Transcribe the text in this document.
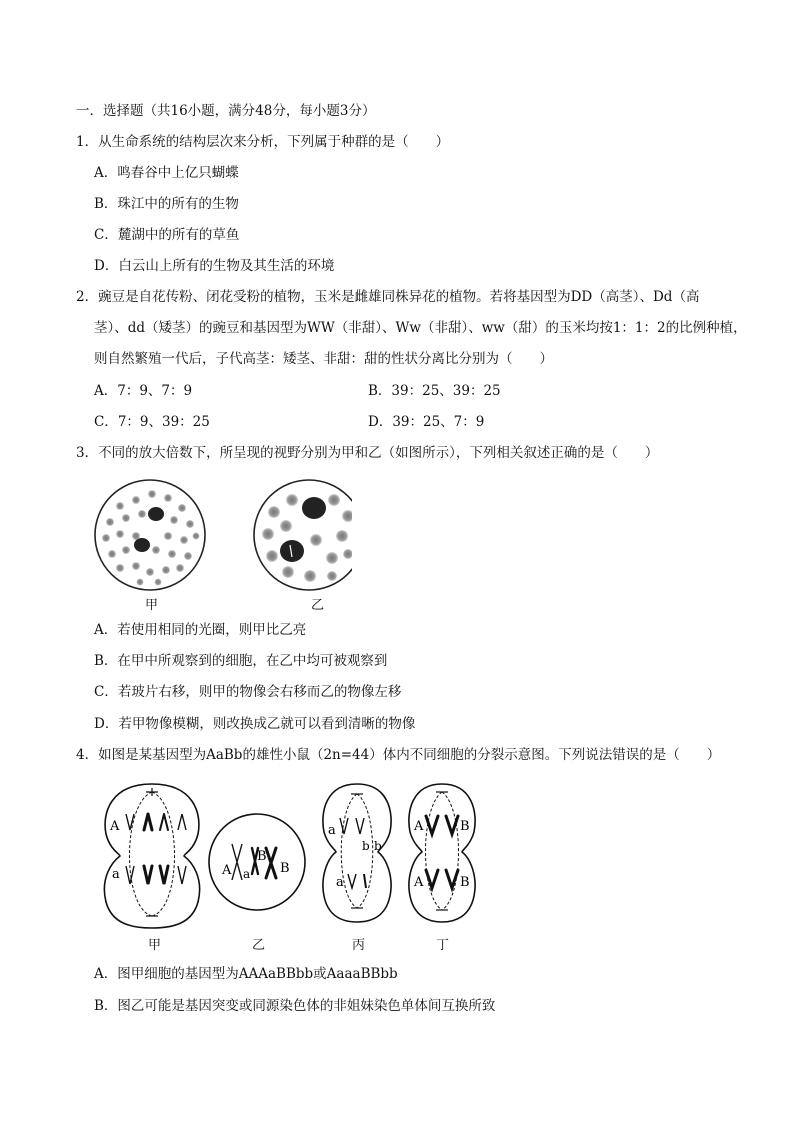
一．选择题（共16小题，满分48分，每小题3分）
1．从生命系统的结构层次来分析，下列属于种群的是（　　）
A．鸣春谷中上亿只蝴蝶
B．珠江中的所有的生物
C．麓湖中的所有的草鱼
D．白云山上所有的生物及其生活的环境
2．豌豆是自花传粉、闭花受粉的植物，玉米是雌雄同株异花的植物。若将基因型为DD（高茎）、Dd（高
茎）、dd（矮茎）的豌豆和基因型为WW（非甜）、Ww（非甜）、ww（甜）的玉米均按1：1：2的比例种植，
则自然繁殖一代后，子代高茎：矮茎、非甜：甜的性状分离比分别为（　　）
A．7：9、7：9	B．39：25、39：25
C．7：9、39：25	D．39：25、7：9
3．不同的放大倍数下，所呈现的视野分别为甲和乙（如图所示），下列相关叙述正确的是（　　）
甲	乙
A．若使用相同的光圈，则甲比乙亮
B．在甲中所观察到的细胞，在乙中均可被观察到
C．若玻片右移，则甲的物像会右移而乙的物像左移
D．若甲物像模糊，则改换成乙就可以看到清晰的物像
4．如图是某基因型为AaBb的雄性小鼠（2n=44）体内不同细胞的分裂示意图。下列说法错误的是（　　）
A
a	A a
B
B
a
b b
a
A	B
A	B
甲	乙	丙	丁
A．图甲细胞的基因型为AAAaBBbb或AaaaBBbb
B．图乙可能是基因突变或同源染色体的非姐妹染色单体间互换所致
